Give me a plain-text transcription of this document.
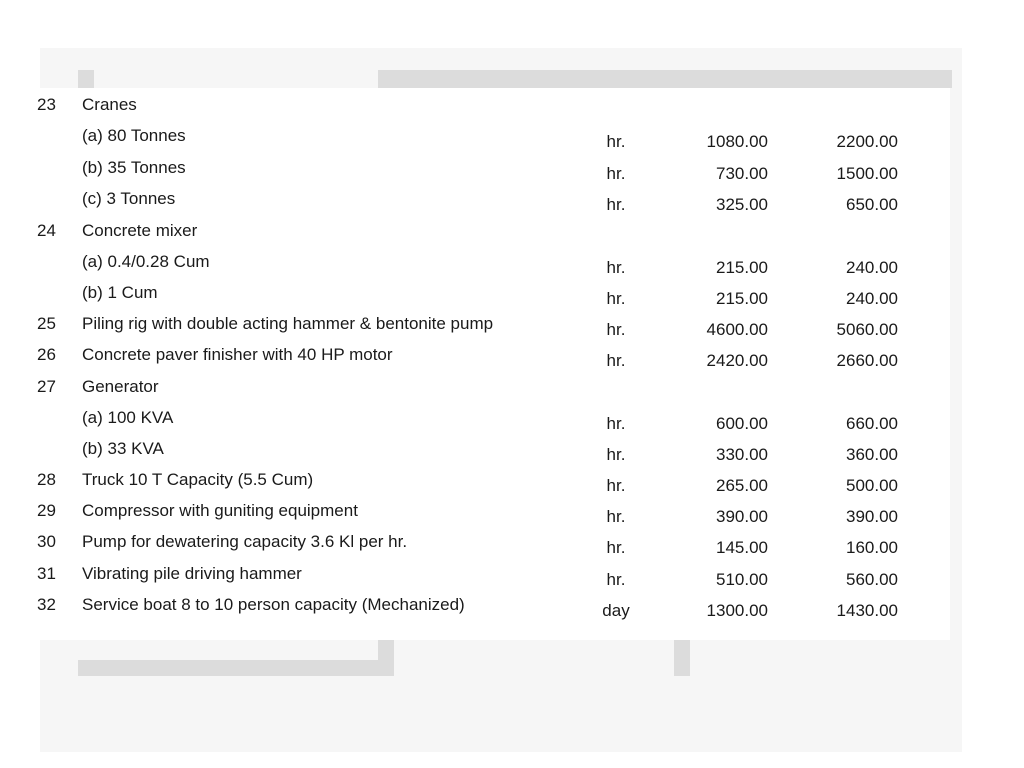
23 Cranes
(a) 80 Tonnes	hr.	1080.00	2200.00
(b) 35 Tonnes	hr.	730.00	1500.00
(c) 3 Tonnes	hr.	325.00	650.00
24 Concrete mixer
(a) 0.4/0.28 Cum	hr.	215.00	240.00
(b) 1 Cum	hr.	215.00	240.00
25 Piling rig with double acting hammer & bentonite pump	hr.	4600.00	5060.00
26 Concrete paver finisher with 40 HP motor	hr.	2420.00	2660.00
27 Generator
(a) 100 KVA	hr.	600.00	660.00
(b) 33 KVA	hr.	330.00	360.00
28 Truck 10 T Capacity (5.5 Cum)	hr.	265.00	500.00
29 Compressor with guniting equipment	hr.	390.00	390.00
30 Pump for dewatering capacity 3.6 Kl per hr.	hr.	145.00	160.00
31 Vibrating pile driving hammer	hr.	510.00	560.00
32 Service boat 8 to 10 person capacity (Mechanized)	day	1300.00	1430.00
